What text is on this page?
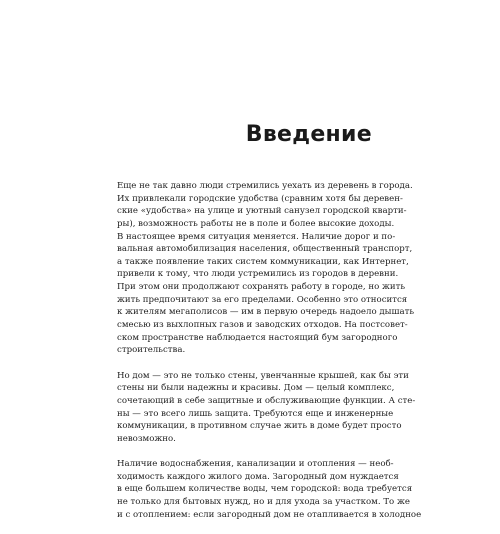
Введение

Еще не так давно люди стремились уехать из деревень в города.
Их привлекали городские удобства (сравним хотя бы деревен-
ские «удобства» на улице и уютный санузел городской кварти-
ры), возможность работы не в поле и более высокие доходы.
В настоящее время ситуация меняется. Наличие дорог и по-
вальная автомобилизация населения, общественный транспорт,
а также появление таких систем коммуникации, как Интернет,
привели к тому, что люди устремились из городов в деревни.
При этом они продолжают сохранять работу в городе, но жить
жить предпочитают за его пределами. Особенно это относится
к жителям мегаполисов — им в первую очередь надоело дышать
смесью из выхлопных газов и заводских отходов. На постсовет-
ском пространстве наблюдается настоящий бум загородного
строительства.

Но дом — это не только стены, увенчанные крышей, как бы эти
стены ни были надежны и красивы. Дом — целый комплекс,
сочетающий в себе защитные и обслуживающие функции. А сте-
ны — это всего лишь защита. Требуются еще и инженерные
коммуникации, в противном случае жить в доме будет просто
невозможно.

Наличие водоснабжения, канализации и отопления — необ-
ходимость каждого жилого дома. Загородный дом нуждается
в еще большем количестве воды, чем городской: вода требуется
не только для бытовых нужд, но и для ухода за участком. То же
и с отоплением: если загородный дом не отапливается в холодное
